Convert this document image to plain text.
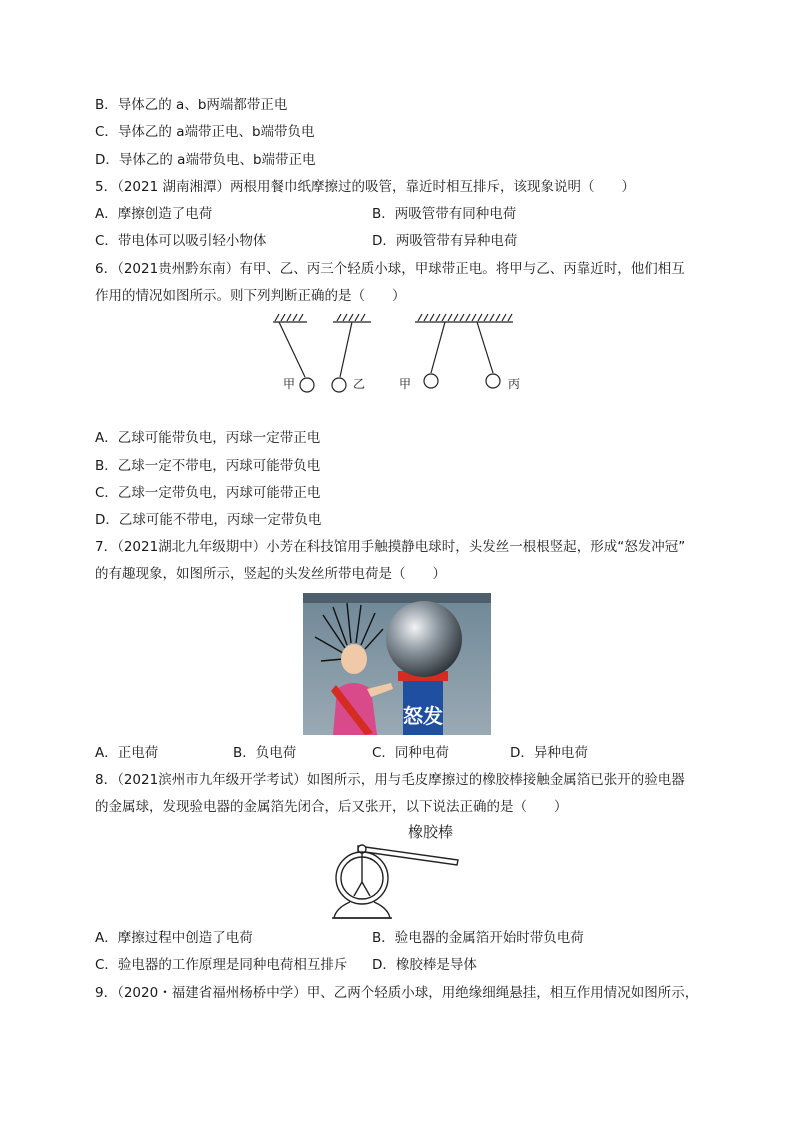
B．导体乙的 a、b两端都带正电
C．导体乙的 a端带正电、b端带负电
D．导体乙的 a端带负电、b端带正电
5．（2021 湖南湘潭）两根用餐巾纸摩擦过的吸管，靠近时相互排斥，该现象说明（　　）
A．摩擦创造了电荷	B．两吸管带有同种电荷
C．带电体可以吸引轻小物体	D．两吸管带有异种电荷
6．（2021贵州黔东南）有甲、乙、丙三个轻质小球，甲球带正电。将甲与乙、丙靠近时，他们相互
作用的情况如图所示。则下列判断正确的是（　　）
甲	乙	甲	丙
A．乙球可能带负电，丙球一定带正电
B．乙球一定不带电，丙球可能带负电
C．乙球一定带负电，丙球可能带正电
D．乙球可能不带电，丙球一定带负电
7．（2021湖北九年级期中）小芳在科技馆用手触摸静电球时，头发丝一根根竖起，形成“怒发冲冠”
的有趣现象，如图所示，竖起的头发丝所带电荷是（　　）
怒发
A．正电荷	B．负电荷	C．同种电荷	D．异种电荷
8．（2021滨州市九年级开学考试）如图所示，用与毛皮摩擦过的橡胶棒接触金属箔已张开的验电器
的金属球，发现验电器的金属箔先闭合，后又张开，以下说法正确的是（　　）
橡胶棒
A．摩擦过程中创造了电荷	B．验电器的金属箔开始时带负电荷
C．验电器的工作原理是同种电荷相互排斥 D．橡胶棒是导体
9．（2020・福建省福州杨桥中学）甲、乙两个轻质小球，用绝缘细绳悬挂，相互作用情况如图所示，
